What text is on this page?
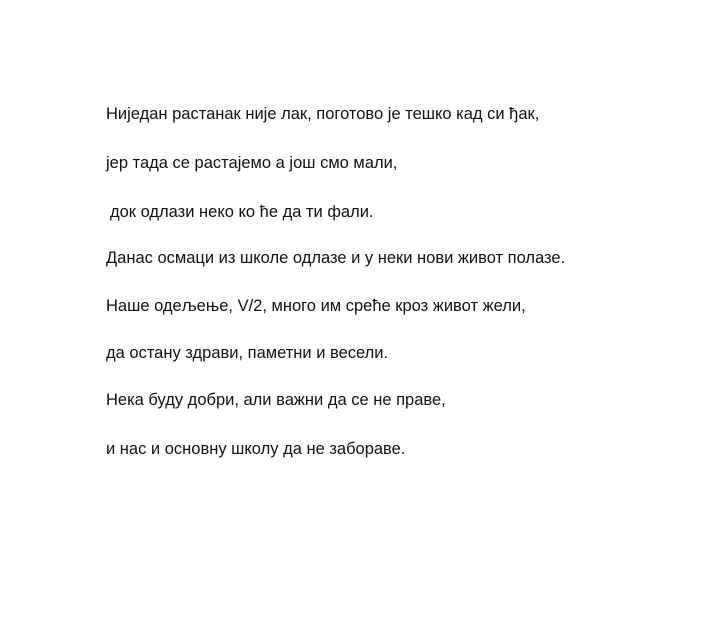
Ниједан растанак није лак, поготово је тешко кад си ђак,
јер тада се растајемо а још смо мали,
док одлази неко ко ће да ти фали.
Данас осмаци из школе одлазе и у неки нови живот полазе.
Наше одељење, V/2, много им среће кроз живот жели,
да остану здрави, паметни и весели.
Нека буду добри, али важни да се не праве,
и нас и основну школу да не забораве.
